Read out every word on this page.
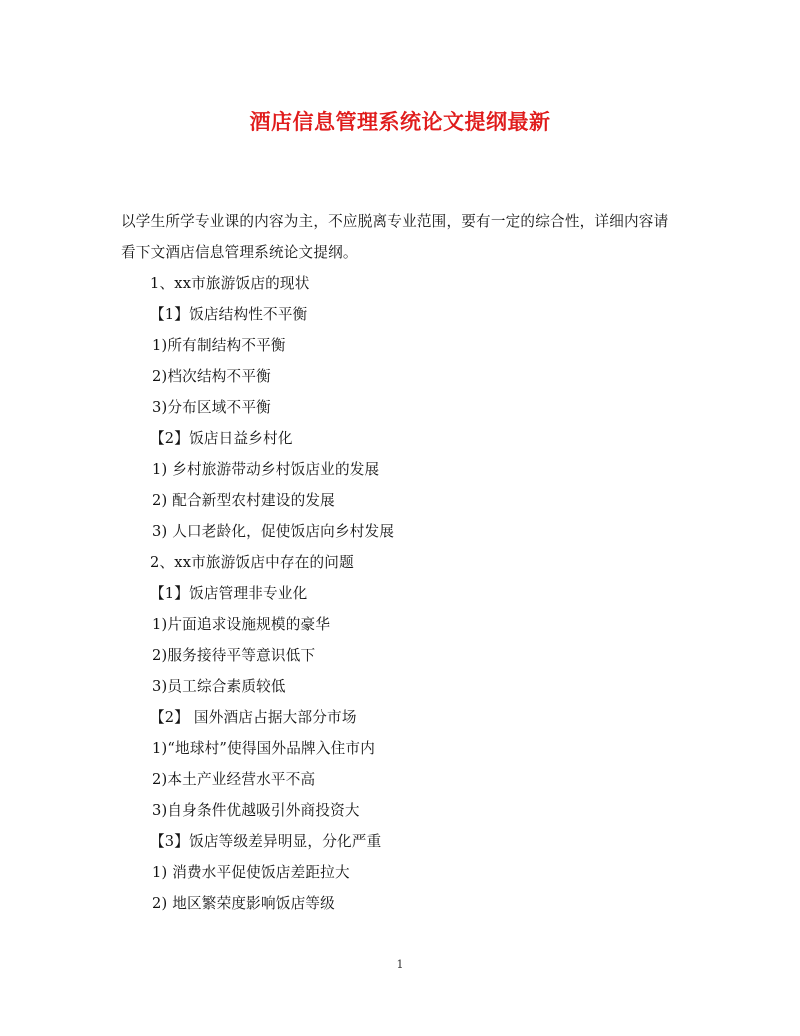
酒店信息管理系统论文提纲最新

以学生所学专业课的内容为主，不应脱离专业范围，要有一定的综合性，详细内容请看下文酒店信息管理系统论文提纲。

1、xx市旅游饭店的现状
【1】饭店结构性不平衡
1)所有制结构不平衡
2)档次结构不平衡
3)分布区域不平衡
【2】饭店日益乡村化
1) 乡村旅游带动乡村饭店业的发展
2) 配合新型农村建设的发展
3) 人口老龄化，促使饭店向乡村发展
2、xx市旅游饭店中存在的问题
【1】饭店管理非专业化
1)片面追求设施规模的豪华
2)服务接待平等意识低下
3)员工综合素质较低
【2】 国外酒店占据大部分市场
1)“地球村”使得国外品牌入住市内
2)本土产业经营水平不高
3)自身条件优越吸引外商投资大
【3】饭店等级差异明显，分化严重
1) 消费水平促使饭店差距拉大
2) 地区繁荣度影响饭店等级
1
